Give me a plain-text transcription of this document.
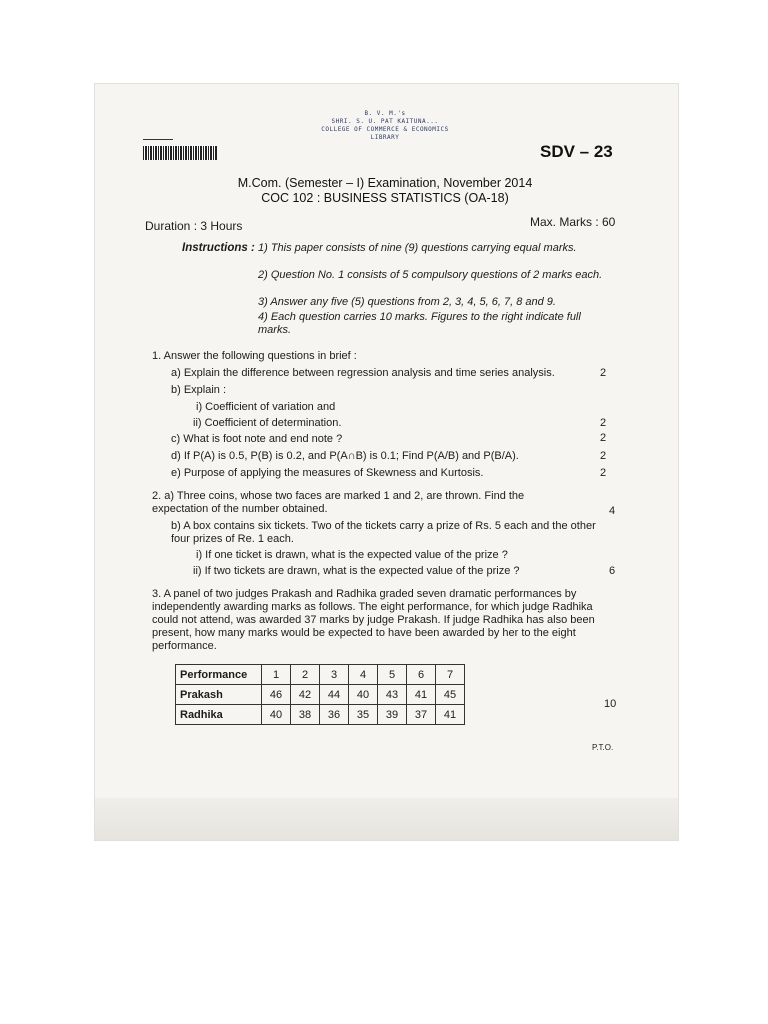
B. V. M.'s
SHRI. S. U. PAT KAITUNA...
COLLEGE OF COMMERCE & ECONOMICS
LIBRARY
SDV – 23
M.Com. (Semester – I) Examination, November 2014
COC 102 : BUSINESS STATISTICS (OA-18)
Duration : 3 Hours	Max. Marks : 60
Instructions : 1) This paper consists of nine (9) questions carrying equal marks.
2) Question No. 1 consists of 5 compulsory questions of 2 marks each.
3) Answer any five (5) questions from 2, 3, 4, 5, 6, 7, 8 and 9.
4) Each question carries 10 marks. Figures to the right indicate full marks.
1. Answer the following questions in brief :
a) Explain the difference between regression analysis and time series analysis.	2
b) Explain :
i) Coefficient of variation and
ii) Coefficient of determination.	2
c) What is foot note and end note ?	2
d) If P(A) is 0.5, P(B) is 0.2, and P(A∩B) is 0.1; Find P(A/B) and P(B/A).	2
e) Purpose of applying the measures of Skewness and Kurtosis.	2
2. a) Three coins, whose two faces are marked 1 and 2, are thrown. Find the expectation of the number obtained.	4
b) A box contains six tickets. Two of the tickets carry a prize of Rs. 5 each and the other four prizes of Re. 1 each.
i) If one ticket is drawn, what is the expected value of the prize ?
ii) If two tickets are drawn, what is the expected value of the prize ?	6
3. A panel of two judges Prakash and Radhika graded seven dramatic performances by independently awarding marks as follows. The eight performance, for which judge Radhika could not attend, was awarded 37 marks by judge Prakash. If judge Radhika has also been present, how many marks would be expected to have been awarded by her to the eight performance.
10
Performance	1	2	3	4	5	6	7
Prakash	46	42	44	40	43	41	45
Radhika	40	38	36	35	39	37	41
P.T.O.
